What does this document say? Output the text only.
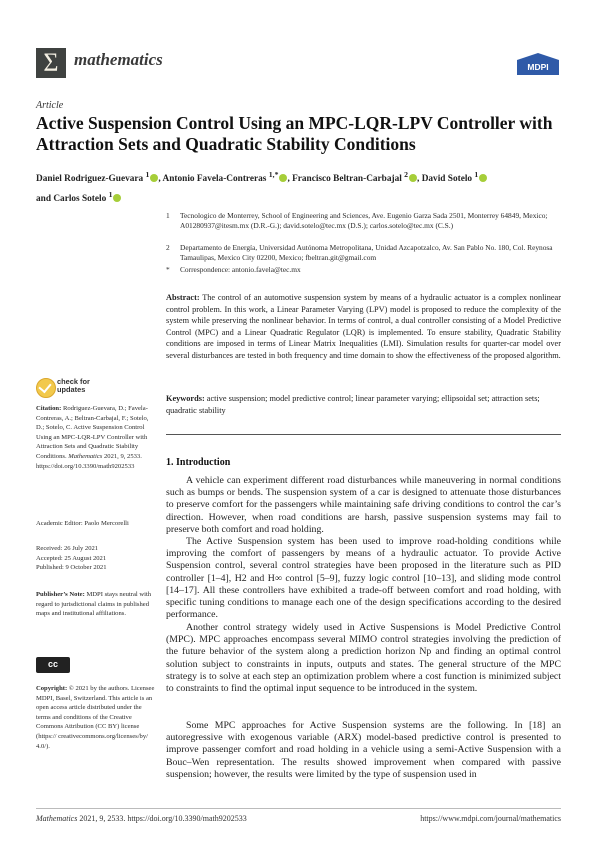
Σ mathematics	MDPI
Article
Active Suspension Control Using an MPC-LQR-LPV Controller with Attraction Sets and Quadratic Stability Conditions
Daniel Rodriguez-Guevara $^1$ , Antonio Favela-Contreras $^{1,*}$ , Francisco Beltran-Carbajal $^2$ , David Sotelo $^1$
and Carlos Sotelo $^1$
1 Tecnologico de Monterrey, School of Engineering and Sciences, Ave. Eugenio Garza Sada 2501, Monterrey 64849, Mexico; A01280937@itesm.mx (D.R.-G.); david.sotelo@tec.mx (D.S.); carlos.sotelo@tec.mx (C.S.)
2 Departamento de Energía, Universidad Autónoma Metropolitana, Unidad Azcapotzalco, Av. San Pablo No. 180, Col. Reynosa Tamaulipas, Mexico City 02200, Mexico; fbeltran.git@gmail.com
* Correspondence: antonio.favela@tec.mx
Abstract: The control of an automotive suspension system by means of a hydraulic actuator is a complex nonlinear control problem. In this work, a Linear Parameter Varying (LPV) model is proposed to reduce the complexity of the system while preserving the nonlinear behavior. In terms of control, a dual controller consisting of a Model Predictive Control (MPC) and a Linear Quadratic Regulator (LQR) is implemented. To ensure stability, Quadratic Stability conditions are imposed in terms of Linear Matrix Inequalities (LMI). Simulation results for quarter-car model over several disturbances are tested in both frequency and time domain to show the effectiveness of the proposed algorithm.
Keywords: active suspension; model predictive control; linear parameter varying; ellipsoidal set; attraction sets; quadratic stability
check for
updates
Citation: Rodriguez-Guevara, D.; Favela-Contreras, A.; Beltran-Carbajal, F.; Sotelo, D.; Sotelo, C. Active Suspension Control Using an MPC-LQR-LPV Controller with Attraction Sets and Quadratic Stability Conditions. Mathematics 2021, 9, 2533. https://doi.org/10.3390/math9202533
Academic Editor: Paolo Mercorelli
Received: 26 July 2021
Accepted: 25 August 2021
Published: 9 October 2021
Publisher’s Note: MDPI stays neutral with regard to jurisdictional claims in published maps and institutional affiliations.
cc
Copyright: © 2021 by the authors. Licensee MDPI, Basel, Switzerland. This article is an open access article distributed under the terms and conditions of the Creative Commons Attribution (CC BY) license (https:// creativecommons.org/licenses/by/ 4.0/).
1. Introduction
A vehicle can experiment different road disturbances while maneuvering in normal conditions such as bumps or bends. The suspension system of a car is designed to attenuate those disturbances to preserve comfort for the passengers while maintaining safe driving conditions to control the car’s direction. However, when road conditions are harsh, passive suspension systems may fail to preserve both comfort and road holding.
The Active Suspension system has been used to improve road-holding conditions while improving the comfort of passengers by means of a hydraulic actuator. To provide Active Suspension control, several control strategies have been proposed in the literature such as PID controller [1–4], H2 and H∞ control [5–9], fuzzy logic control [10–13], and sliding mode control [14–17]. All these controllers have exhibited a trade-off between comfort and road holding, with specific tuning conditions to manage each one of the design specifications according to the desired performance.
Another control strategy widely used in Active Suspensions is Model Predictive Control (MPC). MPC approaches encompass several MIMO control strategies involving the prediction of the future behavior of the system along a prediction horizon Np and finding an optimal control solution subject to constraints in inputs, outputs and states. The general structure of the MPC strategy is to solve at each step an optimization problem where a cost function is minimized subject to constraints to find the optimal input sequence to be introduced in the system.
Some MPC approaches for Active Suspension systems are the following. In [18] an autoregressive with exogenous variable (ARX) model-based predictive control is presented to improve passenger comfort and road holding in a vehicle using a semi-Active Suspension with a Bouc–Wen representation. The results showed improvement when compared with passive suspension; however, the results were limited by the type of suspension used in
Mathematics 2021, 9, 2533. https://doi.org/10.3390/math9202533	https://www.mdpi.com/journal/mathematics
